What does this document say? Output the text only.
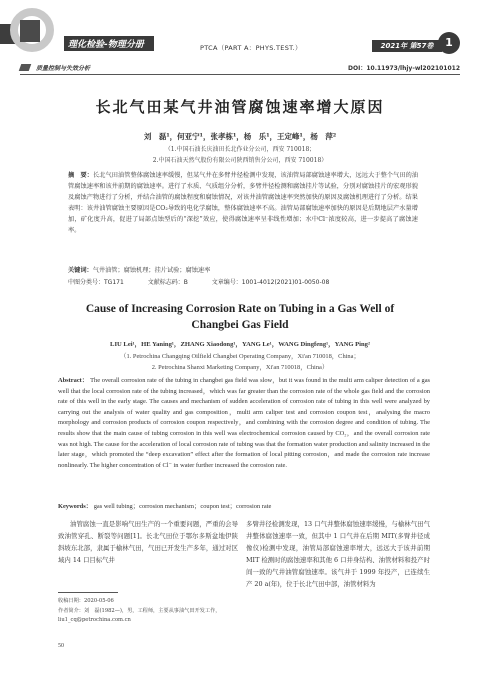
理化检验-物理分册	PTCA（PART A：PHYS.TEST.）	2021年 第57卷	1
质量控制与失效分析	DOI：10.11973/lhjy-wl202101012
长北气田某气井油管腐蚀速率增大原因
刘　磊¹，何亚宁¹，张孝栋¹，杨　乐¹，王定峰¹，杨　萍²
（1.中国石油长庆油田长北作业分公司，西安 710018；
2.中国石油天然气股份有限公司陕西销售分公司，西安 710018）
摘　要：长北气田油管整体腐蚀速率缓慢，但某气井在多臂井径检测中发现，该油管局部腐蚀速率增大，远远大于整个气田的油管腐蚀速率和该井前期的腐蚀速率。进行了水质、气质组分分析，多臂井径检测和腐蚀挂片等试验，分别对腐蚀挂片的宏观形貌及腐蚀产物进行了分析，并结合油管的腐蚀程度和腐蚀情况，对该井油管腐蚀速率突然加快的原因及腐蚀机理进行了分析。结果表明：该井油管腐蚀主要原因是CO₂导致的电化学腐蚀，整体腐蚀速率不高。油管局部腐蚀速率加快的原因是后期地层产水量增加，矿化度升高，促进了局部点蚀型后的“深挖”效应，使得腐蚀速率呈非线性增加；水中Cl⁻浓度较高，进一步提高了腐蚀速率。
关键词：气井油管；腐蚀机理；挂片试验；腐蚀速率
中图分类号：TG171	文献标志码：B	文章编号：1001-4012(2021)01-0050-08
Cause of Increasing Corrosion Rate on Tubing in a Gas Well of
Changbei Gas Field
LIU Lei¹，HE Yaning¹，ZHANG Xiaodong¹，YANG Le¹，WANG Dingfeng¹，YANG Ping²
（1. Petrochina Changqing Oilfield Changbei Operating Company，Xi'an 710018，China；
2. Petrochina Shanxi Marketing Company，Xi'an 710018，China）
Abstract： The overall corrosion rate of the tubing in changbei gas field was slow，but it was found in the multi arm caliper detection of a gas well that the local corrosion rate of the tubing increased，which was far greater than the corrosion rate of the whole gas field and the corrosion rate of this well in the early stage. The causes and mechanism of sudden acceleration of corrosion rate of tubing in this well were analyzed by carrying out the analysis of water quality and gas composition，multi arm caliper test and corrosion coupon test，analysing the macro morphology and corrosion products of corrosion coupon respectively，and combining with the corrosion degree and condition of tubing. The results show that the main cause of tubing corrosion in this well was electrochemical corrosion caused by CO₂，and the overall corrosion rate was not high. The cause for the acceleration of local corrosion rate of tubing was that the formation water production and salinity increased in the later stage，which promoted the “deep excavation” effect after the formation of local pitting corrosion，and made the corrosion rate increase nonlinearly. The higher concentration of Cl⁻ in water further increased the corrosion rate.
Keywords： gas well tubing；corrosion mechanism；coupon test；corrosion rate
油管腐蚀一直是影响气田生产的一个重要问题，严重的会导致油管穿孔、断裂等问题[1]。长北气田位于鄂尔多斯盆地伊陕斜坡东北部，隶属于榆林气田，气田已开发生产多年，通过对区域内 14 口目标气井
多臂井径检测发现，13 口气井整体腐蚀速率缓慢，与榆林气田气井整体腐蚀速率一致，但其中 1 口气井在后期 MIT(多臂井径成像仪)检测中发现，油管局部腐蚀速率增大，远远大于该井前期 MIT 检测时的腐蚀速率和其他 6 口井身结构、油管材料和投产时间一致的气井油管腐蚀速率。该气井于 1999 年投产，已连续生产 20 a(年)，位于长北气田中部，油管材料为
收稿日期：2020-05-06
作者简介：刘　磊(1982—)，男，工程师，主要从事油气田开发工作，liu1_cq@petrochina.com.cn
50
